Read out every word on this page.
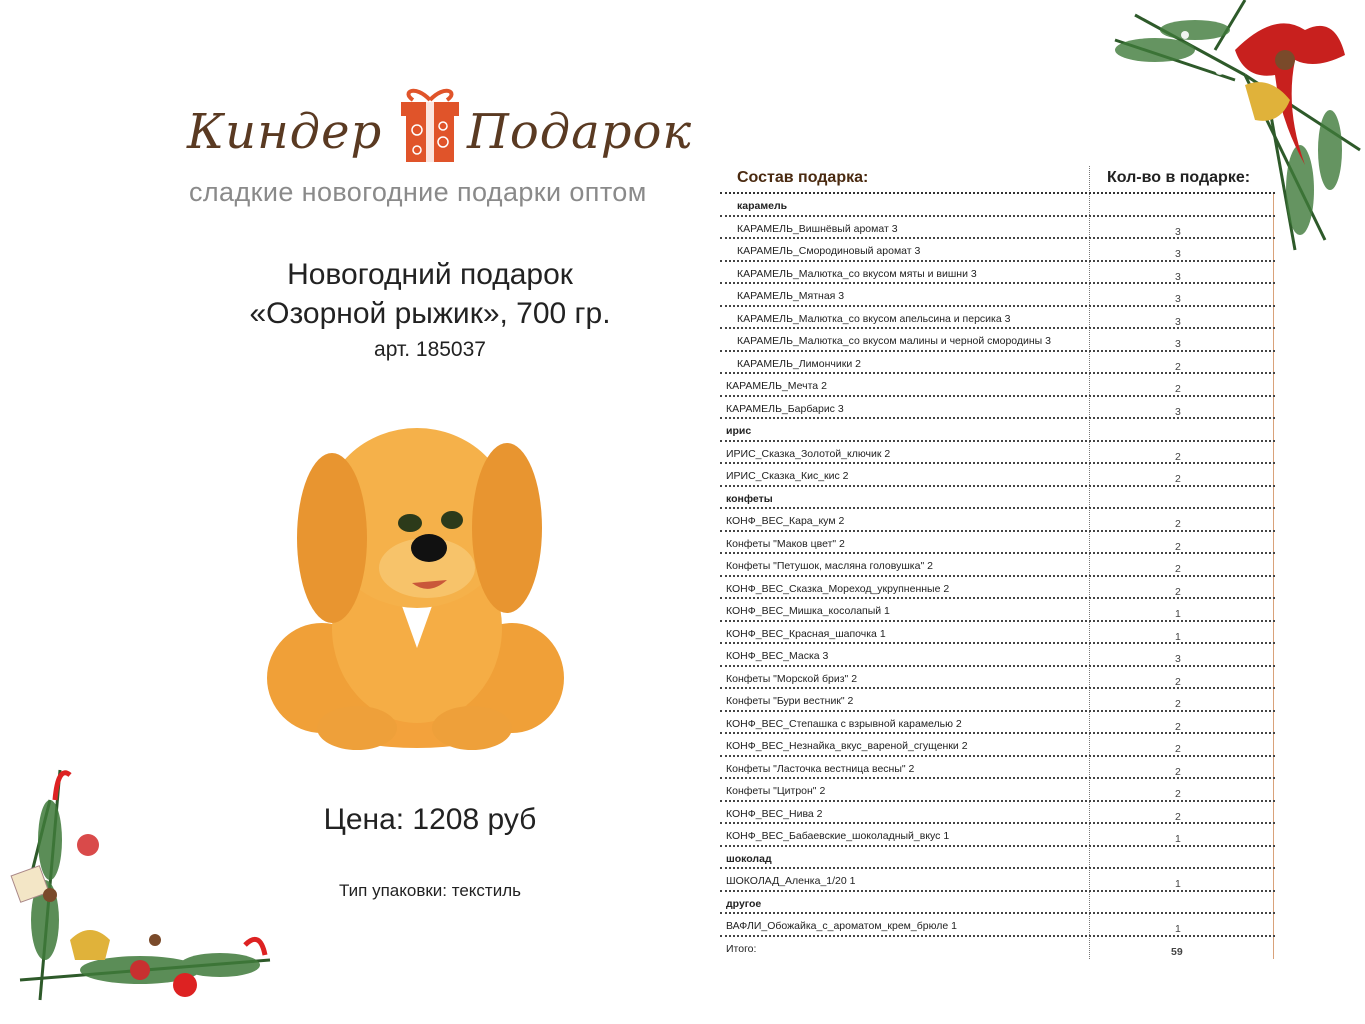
Киндер Подарок
сладкие новогодние подарки оптом
Новогодний подарок
«Озорной рыжик», 700 гр.
арт. 185037
Цена: 1208 руб
Тип упаковки: текстиль
Состав подарка:	Кол-во в подарке:
карамель
КАРАМЕЛЬ_Вишнёвый аромат 3	3
КАРАМЕЛЬ_Смородиновый аромат 3	3
КАРАМЕЛЬ_Малютка_со вкусом мяты и вишни 3	3
КАРАМЕЛЬ_Мятная 3	3
КАРАМЕЛЬ_Малютка_со вкусом апельсина и персика 3	3
КАРАМЕЛЬ_Малютка_со вкусом малины и черной смородины 3	3
КАРАМЕЛЬ_Лимончики 2	2
КАРАМЕЛЬ_Мечта 2	2
КАРАМЕЛЬ_Барбарис 3	3
ирис
ИРИС_Сказка_Золотой_ключик 2	2
ИРИС_Сказка_Кис_кис 2	2
конфеты
КОНФ_ВЕС_Кара_кум 2	2
Конфеты "Маков цвет" 2	2
Конфеты "Петушок, масляна головушка" 2	2
КОНФ_ВЕС_Сказка_Мореход_укрупненные 2	2
КОНФ_ВЕС_Мишка_косолапый 1	1
КОНФ_ВЕС_Красная_шапочка 1	1
КОНФ_ВЕС_Маска 3	3
Конфеты "Морской бриз" 2	2
Конфеты "Бури вестник" 2	2
КОНФ_ВЕС_Степашка с взрывной карамелью 2	2
КОНФ_ВЕС_Незнайка_вкус_вареной_сгущенки 2	2
Конфеты "Ласточка вестница весны" 2	2
Конфеты "Цитрон" 2	2
КОНФ_ВЕС_Нива 2	2
КОНФ_ВЕС_Бабаевские_шоколадный_вкус 1	1
шоколад
ШОКОЛАД_Аленка_1/20 1	1
другое
ВАФЛИ_Обожайка_с_ароматом_крем_брюле 1	1
Итого:	59
